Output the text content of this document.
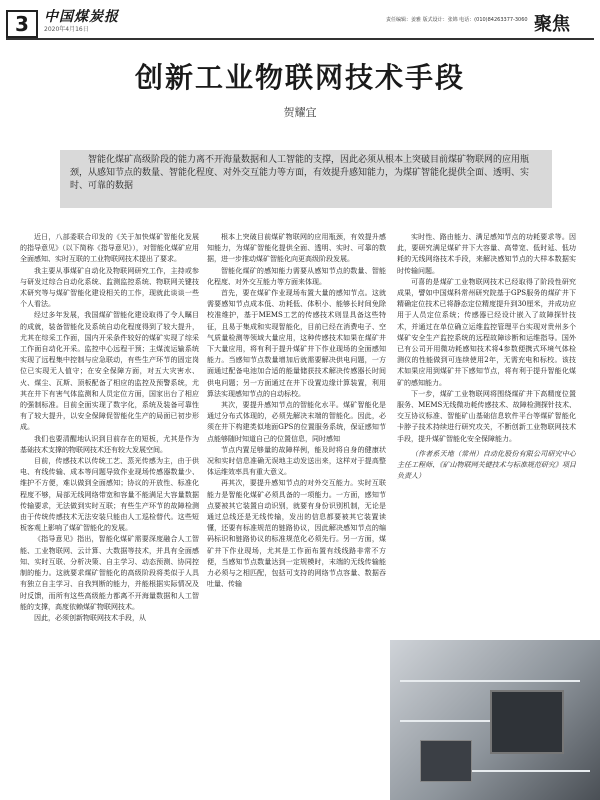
3	中国煤炭报
2020年4月16日
责任编辑：姜雅 版式设计：张锦 电话：(010)84263377-3060 聚焦
创新工业物联网技术手段
贺耀宜
智能化煤矿高级阶段的能力离不开海量数据和人工智能的支撑，因此必须从根本上突破目前煤矿物联网的应用瓶颈，从感知节点的数量、智能化程度、对外交互能力等方面，有效提升感知能力，为煤矿智能化提供全面、透明、实时、可靠的数据

近日，八部委联合印发的《关于加快煤矿智能化发展的指导意见》（以下简称《指导意见》），对智能化煤矿应用全面感知、实时互联的工业物联网技术提出了要求。

我主要从事煤矿自动化及物联网研究工作，主持或参与研发过综合自动化系统、监测监控系统、物联网关键技术研究等与煤矿智能化建设相关的工作，现就此谈谈一些个人看法。

经过多年发展，我国煤矿智能化建设取得了令人瞩目的成就，装备智能化及系统自动化程度得到了较大提升，尤其在综采工作面，国内开采条件较好的煤矿实现了综采工作面自动化开采。监控中心远程干预；主煤流运输系统实现了远程集中控制与应急联动，有些生产环节的固定岗位已实现无人值守；在安全保障方面，对五大灾害水、火、煤尘、瓦斯、顶板配备了相应的监控及预警系统，尤其在井下有害气体监测和人员定位方面，国家出台了相应的强制标准。目前全面实现了数字化，系统及装备可靠性有了较大提升，以安全保障促智能化生产的局面已初步形成。

我们也要清醒地认识到目前存在的短板，尤其是作为基础技术支撑的物联网技术还有较大发展空间。

目前，传感技术以传统工艺、蒸光传感为主，由于供电、有线传输、成本等问题导致作业现场传感器数量少、维护不方便，难以做到全面感知；协议的开放性、标准化程度不够，局部无线网络带宽和容量不能满足大容量数据传输要求，无法做到实时互联；有些生产环节的故障检测由于传统传感技术无法安装只能由人工巡检替代。这些短板客观上影响了煤矿智能化的发展。

《指导意见》指出，智能化煤矿需要深度融合人工智能、工业物联网、云计算、大数据等技术，并具有全面感知、实时互联、分析决策、自主学习、动态预测、协同控制的能力。这就要求煤矿智能化的高级阶段将类似于人具有独立自主学习、自我判断的能力，并能根据实际情况及时反馈，而所有这些高级能力都离不开海量数据和人工智能的支撑，高度依赖煤矿物联网技术。

因此，必须创新物联网技术手段，从

根本上突破目前煤矿物联网的应用瓶颈，有效提升感知能力，为煤矿智能化提供全面、透明、实时、可靠的数据，进一步推动煤矿智能化向更高级阶段发展。

智能化煤矿的感知能力需要从感知节点的数量、智能化程度、对外交互能力等方面来体现。

首先，要在煤矿作业现场布置大量的感知节点。这就需要感知节点成本低、功耗低、体积小、能够长时间免除校准维护，基于MEMS工艺的传感技术则显具备这些特征，且易于集成和实现智能化，目前已经在消费电子、空气质量检测等领域大量应用，这种传感技术如果在煤矿井下大量应用，将有利于提升煤矿井下作业现场的全面感知能力。当感知节点数量增加后就需要解决供电问题，一方面通过配备电池加合适的能量储获技术解决传感器长时间供电问题；另一方面通过在井下设置边缘计算装置，利用算法实现感知节点的自动标校。

其次，要提升感知节点的智能化水平。煤矿智能化是通过分布式体现的，必须先解决末端的智能化。因此，必须在井下构建类似地面GPS的位置服务系统，保证感知节点能够随时知道自己的位置信息，同时感知

节点内置足够量的故障样例，能及时将自身的健康状况和实时信息准确无误地主动发送出来，这样对于提高整体运维效率具有重大意义。

再其次，要提升感知节点的对外交互能力。实时互联能力是智能化煤矿必须具备的一项能力。一方面，感知节点要被其它装置自动识别，就要有身份识别机制，无论是通过总线还是无线传输，发出的信息都要被其它装置读懂，还要有标准规范的链路协议，因此解决感知节点的编码标识和链路协议的标准规范化必须先行。另一方面，煤矿井下作业现场，尤其是工作面布置有线线路非常不方便，当感知节点数量达到一定规模时，末端的无线传输能力必须与之相匹配，包括可支持的网络节点容量、数据吞吐量、传输

实时性、路由能力、满足感知节点的功耗要求等。因此，要研究满足煤矿井下大容量、高带宽、低时延、低功耗的无线网络技术手段，来解决感知节点的大样本数据实时传输问题。

可喜的是煤矿工业物联网技术已经取得了阶段性研究成果，譬如中国煤科常州研究院基于GPS服务的煤矿井下精确定位技术已将静态定位精度提升到30厘米，并成功应用于人员定位系统；传感器已经设计嵌入了故障探针技术，并通过在单位确立运维监控管理平台实现对贵州多个煤矿安全生产监控系统的远程故障诊断和运维指导。国外已有公司开用微功耗感知技术将4参数便携式环境气体检测仪的性能做到可连续使用2年，无需充电和标校。该技术如果应用到煤矿井下感知节点，将有利于提升智能化煤矿的感知能力。

下一步，煤矿工业物联网将围绕煤矿井下高精度位置服务、MEMS无线微功耗传感技术、故障检测探针技术、交互协议标准、智能矿山基础信息软件平台等煤矿智能化卡脖子技术持续进行研究攻关，不断创新工业物联网技术手段，提升煤矿智能化安全保障能力。

（作者系天地（常州）自动化股份有限公司研究中心主任工程师、《矿山物联网关键技术与标准规范研究》项目负责人）
